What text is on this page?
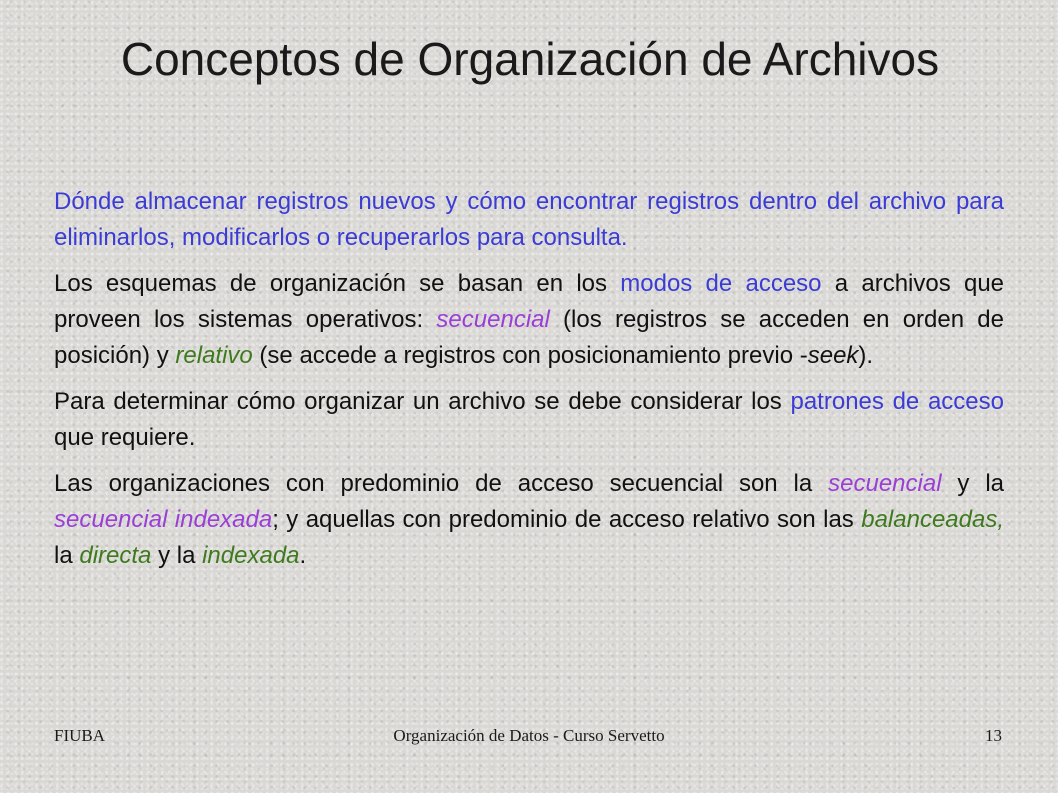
Conceptos de Organización de Archivos

Dónde almacenar registros nuevos y cómo encontrar registros dentro del archivo para eliminarlos, modificarlos o recuperarlos para consulta.

Los esquemas de organización se basan en los modos de acceso a archivos que proveen los sistemas operativos: secuencial (los registros se acceden en orden de posición) y relativo (se accede a registros con posicionamiento previo -seek).

Para determinar cómo organizar un archivo se debe considerar los patrones de acceso que requiere.

Las organizaciones con predominio de acceso secuencial son la secuencial y la secuencial indexada; y aquellas con predominio de acceso relativo son las balanceadas, la directa y la indexada.

FIUBA	Organización de Datos - Curso Servetto	13
